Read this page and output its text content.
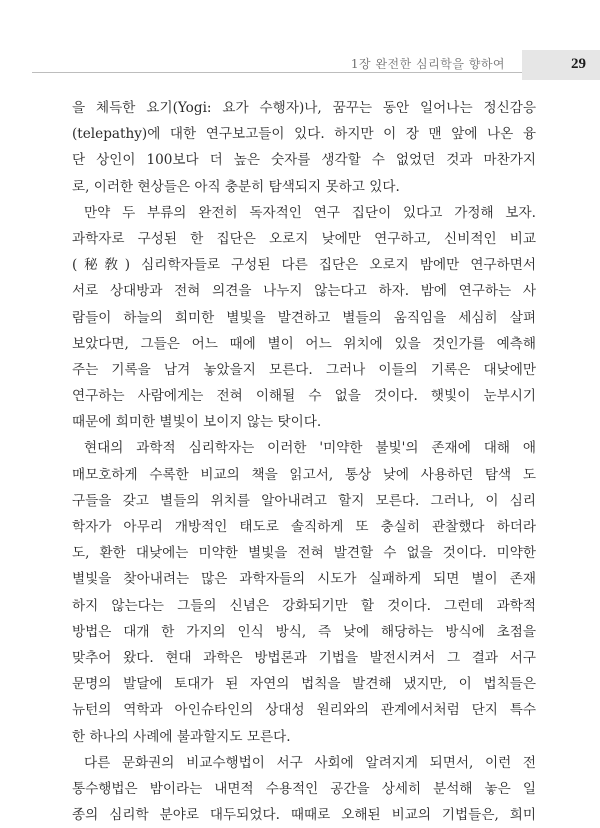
1장 완전한 심리학을 향하여	29
을 체득한 요기(Yogi: 요가 수행자)나, 꿈꾸는 동안 일어나는 정신감응
(telepathy)에 대한 연구보고들이 있다. 하지만 이 장 맨 앞에 나온 융
단 상인이 100보다 더 높은 숫자를 생각할 수 없었던 것과 마찬가지
로, 이러한 현상들은 아직 충분히 탐색되지 못하고 있다.
만약 두 부류의 완전히 독자적인 연구 집단이 있다고 가정해 보자.
과학자로 구성된 한 집단은 오로지 낮에만 연구하고, 신비적인 비교
(秘敎) 심리학자들로 구성된 다른 집단은 오로지 밤에만 연구하면서
서로 상대방과 전혀 의견을 나누지 않는다고 하자. 밤에 연구하는 사
람들이 하늘의 희미한 별빛을 발견하고 별들의 움직임을 세심히 살펴
보았다면, 그들은 어느 때에 별이 어느 위치에 있을 것인가를 예측해
주는 기록을 남겨 놓았을지 모른다. 그러나 이들의 기록은 대낮에만
연구하는 사람에게는 전혀 이해될 수 없을 것이다. 햇빛이 눈부시기
때문에 희미한 별빛이 보이지 않는 탓이다.
현대의 과학적 심리학자는 이러한 '미약한 불빛'의 존재에 대해 애
매모호하게 수록한 비교의 책을 읽고서, 통상 낮에 사용하던 탐색 도
구들을 갖고 별들의 위치를 알아내려고 할지 모른다. 그러나, 이 심리
학자가 아무리 개방적인 태도로 솔직하게 또 충실히 관찰했다 하더라
도, 환한 대낮에는 미약한 별빛을 전혀 발견할 수 없을 것이다. 미약한
별빛을 찾아내려는 많은 과학자들의 시도가 실패하게 되면 별이 존재
하지 않는다는 그들의 신념은 강화되기만 할 것이다. 그런데 과학적
방법은 대개 한 가지의 인식 방식, 즉 낮에 해당하는 방식에 초점을
맞추어 왔다. 현대 과학은 방법론과 기법을 발전시켜서 그 결과 서구
문명의 발달에 토대가 된 자연의 법칙을 발견해 냈지만, 이 법칙들은
뉴턴의 역학과 아인슈타인의 상대성 원리와의 관계에서처럼 단지 특수
한 하나의 사례에 불과할지도 모른다.
다른 문화권의 비교수행법이 서구 사회에 알려지게 되면서, 이런 전
통수행법은 밤이라는 내면적 수용적인 공간을 상세히 분석해 놓은 일
종의 심리학 분야로 대두되었다. 때때로 오해된 비교의 기법들은, 희미
